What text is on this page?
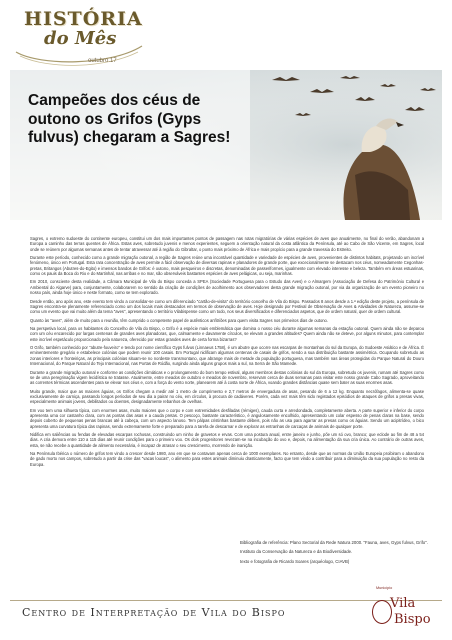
HISTÓRIA
do Mês
outubro.17
Campeões dos céus de outono os Grifos (Gyps fulvus) chegaram a Sagres!

Sagres, o extremo sudoeste do continente europeu, constitui um dos mais importantes pontos de passagem nas rotas migratórias de várias espécies de aves que anualmente, no final do verão, abandonam a Europa a caminho das terras quentes de África. Estas aves, sobretudo juvenis e menos experientes, seguem a orientação natural da costa atlântica da Península, até ao Cabo de São Vicente, em Sagres, local onde se reúnem por algumas semanas antes de tentar atravessar até à região do Gibraltar, o ponto mais próximo de África e mais propício para a grande travessia do Estreito.

Durante este período, conhecido como a grande migração outonal, a região de Sagres reúne uma incontável quantidade e variedade de espécies de aves, provenientes de distintos habitats, projetando um incrível fenómeno, único em Portugal. Esta rara concentração de aves permite a fácil observação de diversas rapinas e planadores de grande porte, que excecionalmente se destacam nos céus, nomeadamente Cegonhas-pretas, Britangos (Abutres-do-Egito) e imensos bandos de Grifos: é outono, mais pesqueiros e discretas, denominadas de passeriformes, igualmente com elevado interesse e beleza. Também em áreas estuarinas, como os pauis da Boca do Rio e do Martinhal, nas arribas e no mar, são observáveis bastantes espécies de aves pelágicas, ou seja, marinhas.

Em 2010, consciente desta realidade, a Câmara Municipal de Vila do Bispo conceda a SPEA (Sociedade Portuguesa para o Estudo das Aves) e o Almargem (Associação de Defesa do Património Cultural e Ambiental do Algarve) para, conjuntamente, colaborarem no sentido da criação de condições de acolhimento aos observadores desta grande migração outonal, por via da organização de um evento pioneiro no nosso país, ainda hoje único e neste formato, como se tem explorado.

Desde então, ano após ano, este evento tem vindo a consolidar-se como um diferenciado "cartão-de-visita" do território concelho de Vila do Bispo. Passados 8 anos desde a 1.ª edição deste projeto, a península de Sagres encontra-se plenamente referenciado como um dos locais mais destacados em termos de observação de aves. Hoje designado por Festival de Observação de Aves & Atividades de Natureza, assume-se como um evento que vai muito além da tema "aves", apresentando o território Vilabispense como um todo, nos seus diversificados e diferenciados aspetos, que de ordem natural, quer de ordem cultural.

Quanto às "aves", além de muito para o reunião, têm cumprido o competente papel de autênticos anfitriões para quem visita Sagres nos primeiros dias de outono.

Na perspetiva local, para os habitantes do Concelho de Vila do Bispo, o Grifo é a espécie mais emblemática que domina o nosso céu durante algumas semanas da estação outonal. Quem ainda não se deparou com um céu encarecido por largas centenas de grandes aves planadoras, que, calmamente e davamente círculos, se elevam a grandes altitudes? Quem ainda não se deteve, por alguns minutos, para contemplar este incrível espetáculo proporcionado pela natureza, oferecido por estas grandes aves de certa forma bizarras?

O Grifo, também conhecido por "abutre-fouveiro" e tendo por nome científico Gyps fulvus (Linnaeus 1758), é um abutre que ocorre nas escarpas de montanhas do sul da Europa, do Sudoeste Asiático e de África. É eminentemente gregário e estabelece colónias que podem reunir 100 casais. Em Portugal nidificam algumas centenas de casais de grifos, sendo a sua distribuição bastante assimétrica. Ocupando sobretudo as zonas interiores e fronteiriças, as principais colónias situam-se no nordeste transmontano, que abrange mais de metade da população portuguesa, mas também nas áreas protegidas do Parque Natural do Douro Internacional, do Parque Natural do Tejo Internacional, nas Portas de Ródão, surgindo ainda alguns grupos mais a sul, na Serra de São Mamede.

Durante a grande migração outonal e conforme as condições climáticas e o prolongamento do bom tempo estival, alguns membros destas colónias do sul da Europa, sobretudo os juvenis, rumam até Sagres como se de uma peregrinação vigem lecidística se tratasse. Atualmente, entre meados de outubro e meados de novembro, reservam cerca de duas semanas para visitar este nosso grande Cabo Sagrado, aproveitando as correntes térmicas ascendentes para se elevar nos céus e, com a força do vento norte, planearem até à costa norte de África, voando grandes distâncias quase sem bater as suas enormes asas.

Muito grande, maior que as maiores águias, os Grifos chegam a medir até 1 metro de comprimento e 2,7 metros de envergadura de asas, pesando de 6 a 12 kg. Enquanto necrófagos, alimenta-se quase exclusivamente de carniça, passando longos períodos de seu dia a pairar no céu, em círculos, à procura de cadáveres. Porém, cada vez mais têm sido registados episódios de ataques de grifos a presas vivas, especialmente animais jovens, debilitados ou doentes, designadamente rebanhos de ovelhas.

Em voo tem uma silhueta típica, com enormes asas, muito maiores que o corpo e com extremidades desfiladas (rémiges), cauda curta e arredondada, completamente aberta. A parte superior e inferior do corpo apresenta uma cor castanho clara, com as pontas das asas e a cauda pretas. O pescoço, bastante característico, é angulosamente encolhido, apresentando um colar espesso de penas claras na base, sendo depois coberto de pequenas penas brancas até à cabeça, com um aspecto lanoso. Tem pálpas cristinhas bastante débeis, pois não as usa para agarrar as presas como os águias. Sendo um acipitrídeo, o bico apresenta uma curvatura típica das rapinas, sendo extremamente forte e preparado para a tarefa de descarnar e de explorar as entranhas de carcaças de animais de qualquer porte.

Nidifica em saliências ou fendas de elevadas escarpas rochosas, construindo um ninho de gravetos e ervas. Com uma postura anual, entre janeiro e junho, põe um só ovo, branco; que eclode ao fim de 48 a 54 dias. A cria demora entre 110 a 115 dias até reunir condições para o primeiro voo. Os dois progenitores revezam-se na incubação do ovo e, depois, na alimentação da sua cria única. Ao contrário de outras aves, esta, se não recebe a quantidade de alimento necessária, é incapaz de atrasar o seu crescimento, morrendo de inanição.

Na Península Ibérica o número de grifos tem vindo a crescer desde 1980, ano em que se contavam apenas cerca de 1000 exemplares. No entanto, desde que as normas da União Europeia proibiram o abandono de gado morto nos campos, sobretudo a partir da crise das "vacas loucas", o alimento para estes animais diminuiu drasticamente, facto que tem vindo a contribuir para a diminuição da sua população no resto da Europa.

Bibliografia de referência: Plano Sectorial da Rede Natura 2000. "Fauna, aves, Gyps fulvus, Grifo".
Instituto da Conservação da Natureza e da Biodiversidade.
texto e fotografia de Ricardo Soares (arquéologo, CIAVB)
Centro de Interpretação de Vila do Bispo
Município
Vila
Bispo
